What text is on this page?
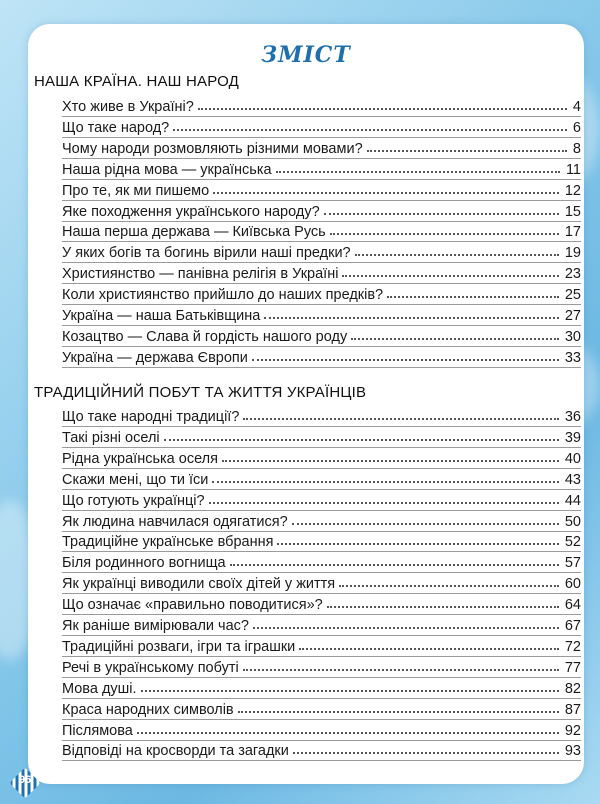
ЗМІСТ
НАША КРАЇНА. НАШ НАРОД
Хто живе в Україні?	4
Що таке народ?	6
Чому народи розмовляють різними мовами?	8
Наша рідна мова — українська	11
Про те, як ми пишемо	12
Яке походження українського народу?	15
Наша перша держава — Київська Русь	17
У яких богів та богинь вірили наші предки?	19
Християнство — панівна релігія в Україні	23
Коли християнство прийшло до наших предків?	25
Україна — наша Батьківщина	27
Козацтво — Слава й гордість нашого роду	30
Україна — держава Європи	33
ТРАДИЦІЙНИЙ ПОБУТ ТА ЖИТТЯ УКРАЇНЦІВ
Що таке народні традиції?	36
Такі різні оселі	39
Рідна українська оселя	40
Скажи мені, що ти їси	43
Що готують українці?	44
Як людина навчилася одягатися?	50
Традиційне українське вбрання	52
Біля родинного вогнища	57
Як українці виводили своїх дітей у життя	60
Що означає «правильно поводитися»?	64
Як раніше вимірювали час?	67
Традиційні розваги, ігри та іграшки	72
Речі в українському побуті	77
Мова душі.	82
Краса народних символів	87
Післямова	92
Відповіді на кросворди та загадки	93
96
